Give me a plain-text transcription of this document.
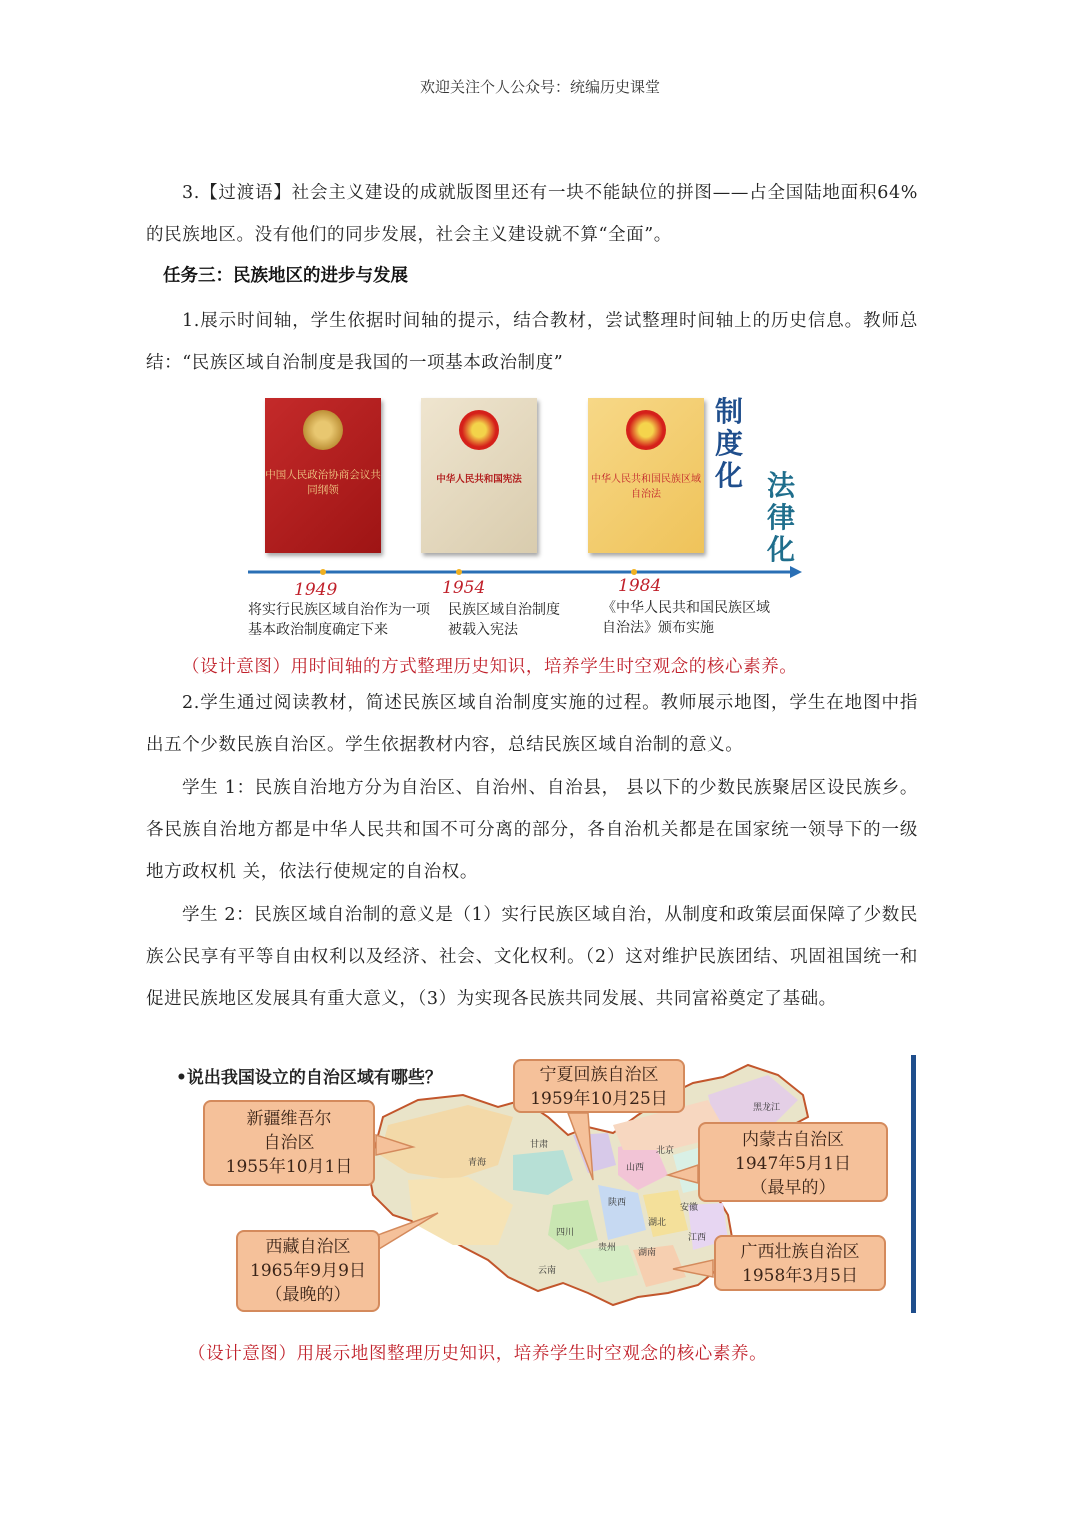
欢迎关注个人公众号：统编历史课堂

3.【过渡语】社会主义建设的成就版图里还有一块不能缺位的拼图——占全国陆地面积64%的民族地区。没有他们的同步发展，社会主义建设就不算“全面”。

任务三：民族地区的进步与发展

1.展示时间轴，学生依据时间轴的提示，结合教材，尝试整理时间轴上的历史信息。教师总结：“民族区域自治制度是我国的一项基本政治制度”

中国人民政治协商会议共同纲领
中华人民共和国宪法	中华人民共和国民族区域自治法
制度化 法律化
1949	1954	1984
将实行民族区域自治作为一项基本政治制度确定下来
民族区域自治制度被载入宪法
《中华人民共和国民族区域自治法》颁布实施

（设计意图）用时间轴的方式整理历史知识，培养学生时空观念的核心素养。

2.学生通过阅读教材，简述民族区域自治制度实施的过程。教师展示地图，学生在地图中指出五个少数民族自治区。学生依据教材内容，总结民族区域自治制的意义。

学生 1：民族自治地方分为自治区、自治州、自治县， 县以下的少数民族聚居区设民族乡。各民族自治地方都是中华人民共和国不可分离的部分，各自治机关都是在国家统一领导下的一级地方政权机 关，依法行使规定的自治权。

学生 2：民族区域自治制的意义是（1）实行民族区域自治，从制度和政策层面保障了少数民族公民享有平等自由权利以及经济、社会、文化权利。（2）这对维护民族团结、巩固祖国统一和促进民族地区发展具有重大意义，（3）为实现各民族共同发展、共同富裕奠定了基础。

•说出我国设立的自治区域有哪些？
黑龙江
甘肃
青海
四川
云南
山西
北京
陕西
湖北
江西
湖南
贵州
安徽
宁夏回族自治区
1959年10月25日
新疆维吾尔
自治区
1955年10月1日
内蒙古自治区
1947年5月1日
（最早的）
西藏自治区
1965年9月9日
（最晚的）
广西壮族自治区
1958年3月5日

（设计意图）用展示地图整理历史知识，培养学生时空观念的核心素养。
